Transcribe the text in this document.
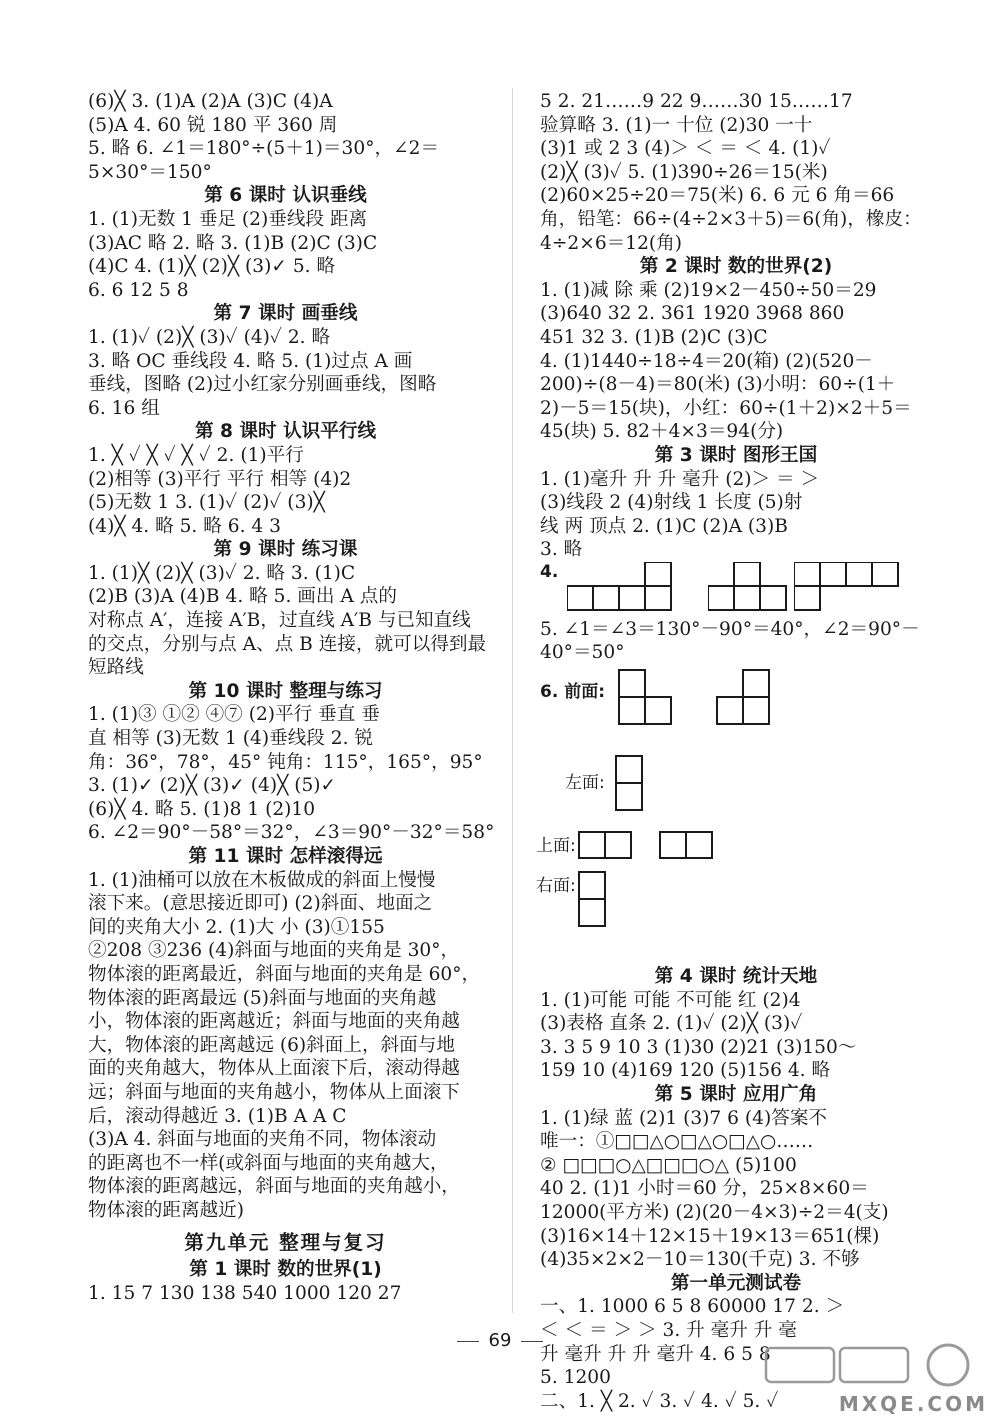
(6)╳ 3. (1)A (2)A (3)C (4)A
(5)A 4. 60 锐 180 平 360 周
5. 略 6. ∠1＝180°÷(5＋1)＝30°，∠2＝
5×30°＝150°
第 6 课时 认识垂线
1. (1)无数 1 垂足 (2)垂线段 距离
(3)AC 略 2. 略 3. (1)B (2)C (3)C
(4)C 4. (1)╳ (2)╳ (3)✓ 5. 略
6. 6 12 5 8
第 7 课时 画垂线
1. (1)✓ (2)╳ (3)✓ (4)✓ 2. 略
3. 略 OC 垂线段 4. 略 5. (1)过点 A 画
垂线，图略 (2)过小红家分别画垂线，图略
6. 16 组
第 8 课时 认识平行线
1. ╳ ✓ ╳ ✓ ╳ ✓ 2. (1)平行
(2)相等 (3)平行 平行 相等 (4)2
(5)无数 1 3. (1)✓ (2)✓ (3)╳
(4)╳ 4. 略 5. 略 6. 4 3
第 9 课时 练习课
1. (1)╳ (2)╳ (3)✓ 2. 略 3. (1)C
(2)B (3)A (4)B 4. 略 5. 画出 A 点的
对称点 A′，连接 A′B，过直线 A′B 与已知直线
的交点，分别与点 A、点 B 连接，就可以得到最
短路线
第 10 课时 整理与练习
1. (1)③ ①② ④⑦ (2)平行 垂直 垂
直 相等 (3)无数 1 (4)垂线段 2. 锐
角：36°，78°，45° 钝角：115°，165°，95°
3. (1)✓ (2)╳ (3)✓ (4)╳ (5)✓
(6)╳ 4. 略 5. (1)8 1 (2)10
6. ∠2＝90°－58°＝32°，∠3＝90°－32°＝58°
第 11 课时 怎样滚得远
1. (1)油桶可以放在木板做成的斜面上慢慢
滚下来。(意思接近即可) (2)斜面、地面之
间的夹角大小 2. (1)大 小 (3)①155
②208 ③236 (4)斜面与地面的夹角是 30°，
物体滚的距离最近，斜面与地面的夹角是 60°，
物体滚的距离最远 (5)斜面与地面的夹角越
小，物体滚的距离越近；斜面与地面的夹角越
大，物体滚的距离越远 (6)斜面上，斜面与地
面的夹角越大，物体从上面滚下后，滚动得越
远；斜面与地面的夹角越小，物体从上面滚下
后，滚动得越近 3. (1)B A A C
(3)A 4. 斜面与地面的夹角不同，物体滚动
的距离也不一样(或斜面与地面的夹角越大，
物体滚的距离越远，斜面与地面的夹角越小，
物体滚的距离越近)
第九单元 整理与复习
第 1 课时 数的世界(1)
1. 15 7 130 138 540 1000 120 27
5 2. 21……9 22 9……30 15……17
验算略 3. (1)一 十位 (2)30 一十
(3)1 或 2 3 (4)＞ ＜ ＝ ＜ 4. (1)✓
(2)╳ (3)✓ 5. (1)390÷26＝15(米)
(2)60×25÷20＝75(米) 6. 6 元 6 角＝66
角，铅笔：66÷(4÷2×3＋5)＝6(角)，橡皮：
4÷2×6＝12(角)
第 2 课时 数的世界(2)
1. (1)减 除 乘 (2)19×2－450÷50＝29
(3)640 32 2. 361 1920 3968 860
451 32 3. (1)B (2)C (3)C
4. (1)1440÷18÷4＝20(箱) (2)(520－
200)÷(8－4)＝80(米) (3)小明：60÷(1＋
2)－5＝15(块)，小红：60÷(1＋2)×2＋5＝
45(块) 5. 82＋4×3＝94(分)
第 3 课时 图形王国
1. (1)毫升 升 升 毫升 (2)＞ ＝ ＞
(3)线段 2 (4)射线 1 长度 (5)射
线 两 顶点 2. (1)C (2)A (3)B
3. 略
4.
5. ∠1＝∠3＝130°－90°＝40°，∠2＝90°－
40°＝50°
6. 前面:
左面:
上面:
右面:
第 4 课时 统计天地
1. (1)可能 可能 不可能 红 (2)4
(3)表格 直条 2. (1)✓ (2)╳ (3)✓
3. 3 5 9 10 3 (1)30 (2)21 (3)150～
159 10 (4)169 120 (5)156 4. 略
第 5 课时 应用广角
1. (1)绿 蓝 (2)1 (3)7 6 (4)答案不
唯一：①□□△○□△○□△○……
② □□□○△□□□○△ (5)100
40 2. (1)1 小时＝60 分，25×8×60＝
12000(平方米) (2)(20－4×3)÷2＝4(支)
(3)16×14＋12×15＋19×13＝651(棵)
(4)35×2×2－10＝130(千克) 3. 不够
第一单元测试卷
一、1. 1000 6 5 8 60000 17 2. ＞
＜ ＜ ＝ ＞ ＞ 3. 升 毫升 升 毫
升 毫升 升 升 毫升 4. 6 5 8
5. 1200
二、1. ╳ 2. ✓ 3. ✓ 4. ✓ 5. ✓
69
MXQE.COM
